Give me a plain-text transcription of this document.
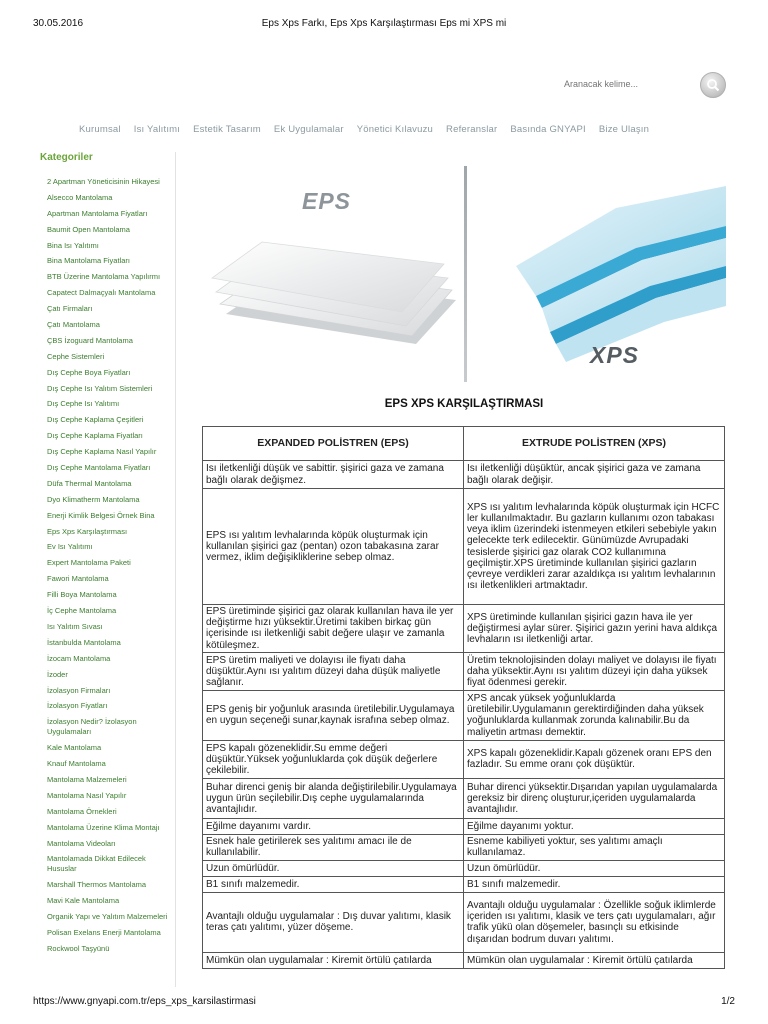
30.05.2016	Eps Xps Farkı, Eps Xps Karşılaştırması Eps mi XPS mi
Aranacak kelime...
Kurumsal Isı Yalıtımı Estetik Tasarım Ek Uygulamalar Yönetici Kılavuzu Referanslar Basında GNYAPI Bize Ulaşın
Kategoriler
2 Apartman Yöneticisinin Hikayesi
Alsecco Mantolama
Apartman Mantolama Fiyatları
Baumit Open Mantolama
Bina Isı Yalıtımı
Bina Mantolama Fiyatları
BTB Üzerine Mantolama Yapılırmı
Capatect Dalmaçyalı Mantolama
Çatı Firmaları
Çatı Mantolama
ÇBS İzoguard Mantolama
Cephe Sistemleri
Dış Cephe Boya Fiyatları
Dış Cephe Isı Yalıtım Sistemleri
Dış Cephe Isı Yalıtımı
Dış Cephe Kaplama Çeşitleri
Dış Cephe Kaplama Fiyatları
Dış Cephe Kaplama Nasıl Yapılır
Dış Cephe Mantolama Fiyatları
Düfa Thermal Mantolama
Dyo Klimatherm Mantolama
Enerji Kimlik Belgesi Örnek Bina
Eps Xps Karşılaştırması
Ev Isı Yalıtımı
Expert Mantolama Paketi
Fawori Mantolama
Filli Boya Mantolama
İç Cephe Mantolama
Isı Yalıtım Sıvası
İstanbulda Mantolama
İzocam Mantolama
İzoder
İzolasyon Firmaları
İzolasyon Fiyatları
İzolasyon Nedir? İzolasyon Uygulamaları
Kale Mantolama
Knauf Mantolama
Mantolama Malzemeleri
Mantolama Nasıl Yapılır
Mantolama Örnekleri
Mantolama Üzerine Klima Montajı
Mantolama Videoları
Mantolamada Dikkat Edilecek Hususlar
Marshall Thermos Mantolama
Mavi Kale Mantolama
Organik Yapı ve Yalıtım Malzemeleri
Polisan Exelans Enerji Mantolama
Rockwool Taşyünü
EPS
XPS
EPS XPS KARŞILAŞTIRMASI
EXPANDED POLİSTREN (EPS)	EXTRUDE POLİSTREN (XPS)
Isı iletkenliği düşük ve sabittir. şişirici gaza ve zamana bağlı olarak değişmez.	Isı iletkenliği düşüktür, ancak şişirici gaza ve zamana bağlı olarak değişir.
EPS ısı yalıtım levhalarında köpük oluşturmak için kullanılan şişirici gaz (pentan) ozon tabakasına zarar vermez, iklim değişikliklerine sebep olmaz.	XPS ısı yalıtım levhalarında köpük oluşturmak için HCFC ler kullanılmaktadır. Bu gazların kullanımı ozon tabakası veya iklim üzerindeki istenmeyen etkileri sebebiyle yakın gelecekte terk edilecektir. Günümüzde Avrupadaki tesislerde şişirici gaz olarak CO2 kullanımına geçilmiştir.XPS üretiminde kullanılan şişirici gazların çevreye verdikleri zarar azaldıkça ısı yalıtım levhalarının ısı iletkenlikleri artmaktadır.
EPS üretiminde şişirici gaz olarak kullanılan hava ile yer değiştirme hızı yüksektir.Üretimi takiben birkaç gün içerisinde ısı iletkenliği sabit değere ulaşır ve zamanla kötüleşmez.	XPS üretiminde kullanılan şişirici gazın hava ile yer değiştirmesi aylar sürer. Şişirici gazın yerini hava aldıkça levhaların ısı iletkenliği artar.
EPS üretim maliyeti ve dolayısı ile fiyatı daha düşüktür.Aynı ısı yalıtım düzeyi daha düşük maliyetle sağlanır.	Üretim teknolojisinden dolayı maliyet ve dolayısı ile fiyatı daha yüksektir.Aynı ısı yalıtım düzeyi için daha yüksek fiyat ödenmesi gerekir.
EPS geniş bir yoğunluk arasında üretilebilir.Uygulamaya en uygun seçeneği sunar,kaynak israfına sebep olmaz.	XPS ancak yüksek yoğunluklarda üretilebilir.Uygulamanın gerektirdiğinden daha yüksek yoğunluklarda kullanmak zorunda kalınabilir.Bu da maliyetin artması demektir.
EPS kapalı gözeneklidir.Su emme değeri düşüktür.Yüksek yoğunluklarda çok düşük değerlere çekilebilir.	XPS kapalı gözeneklidir.Kapalı gözenek oranı EPS den fazladır. Su emme oranı çok düşüktür.
Buhar direnci geniş bir alanda değiştirilebilir.Uygulamaya uygun ürün seçilebilir.Dış cephe uygulamalarında avantajlıdır.	Buhar direnci yüksektir.Dışarıdan yapılan uygulamalarda gereksiz bir direnç oluşturur,içeriden uygulamalarda avantajlıdır.
Eğilme dayanımı vardır.	Eğilme dayanımı yoktur.
Esnek hale getirilerek ses yalıtımı amacı ile de kullanılabilir.	Esneme kabiliyeti yoktur, ses yalıtımı amaçlı kullanılamaz.
Uzun ömürlüdür.	Uzun ömürlüdür.
B1 sınıfı malzemedir.	B1 sınıfı malzemedir.
Avantajlı olduğu uygulamalar : Dış duvar yalıtımı, klasik teras çatı yalıtımı, yüzer döşeme.	Avantajlı olduğu uygulamalar : Özellikle soğuk iklimlerde içeriden ısı yalıtımı, klasik ve ters çatı uygulamaları, ağır trafik yükü olan döşemeler, basınçlı su etkisinde dışarıdan bodrum duvarı yalıtımı.
Mümkün olan uygulamalar : Kiremit örtülü çatılarda	Mümkün olan uygulamalar : Kiremit örtülü çatılarda
https://www.gnyapi.com.tr/eps_xps_karsilastirmasi	1/2
